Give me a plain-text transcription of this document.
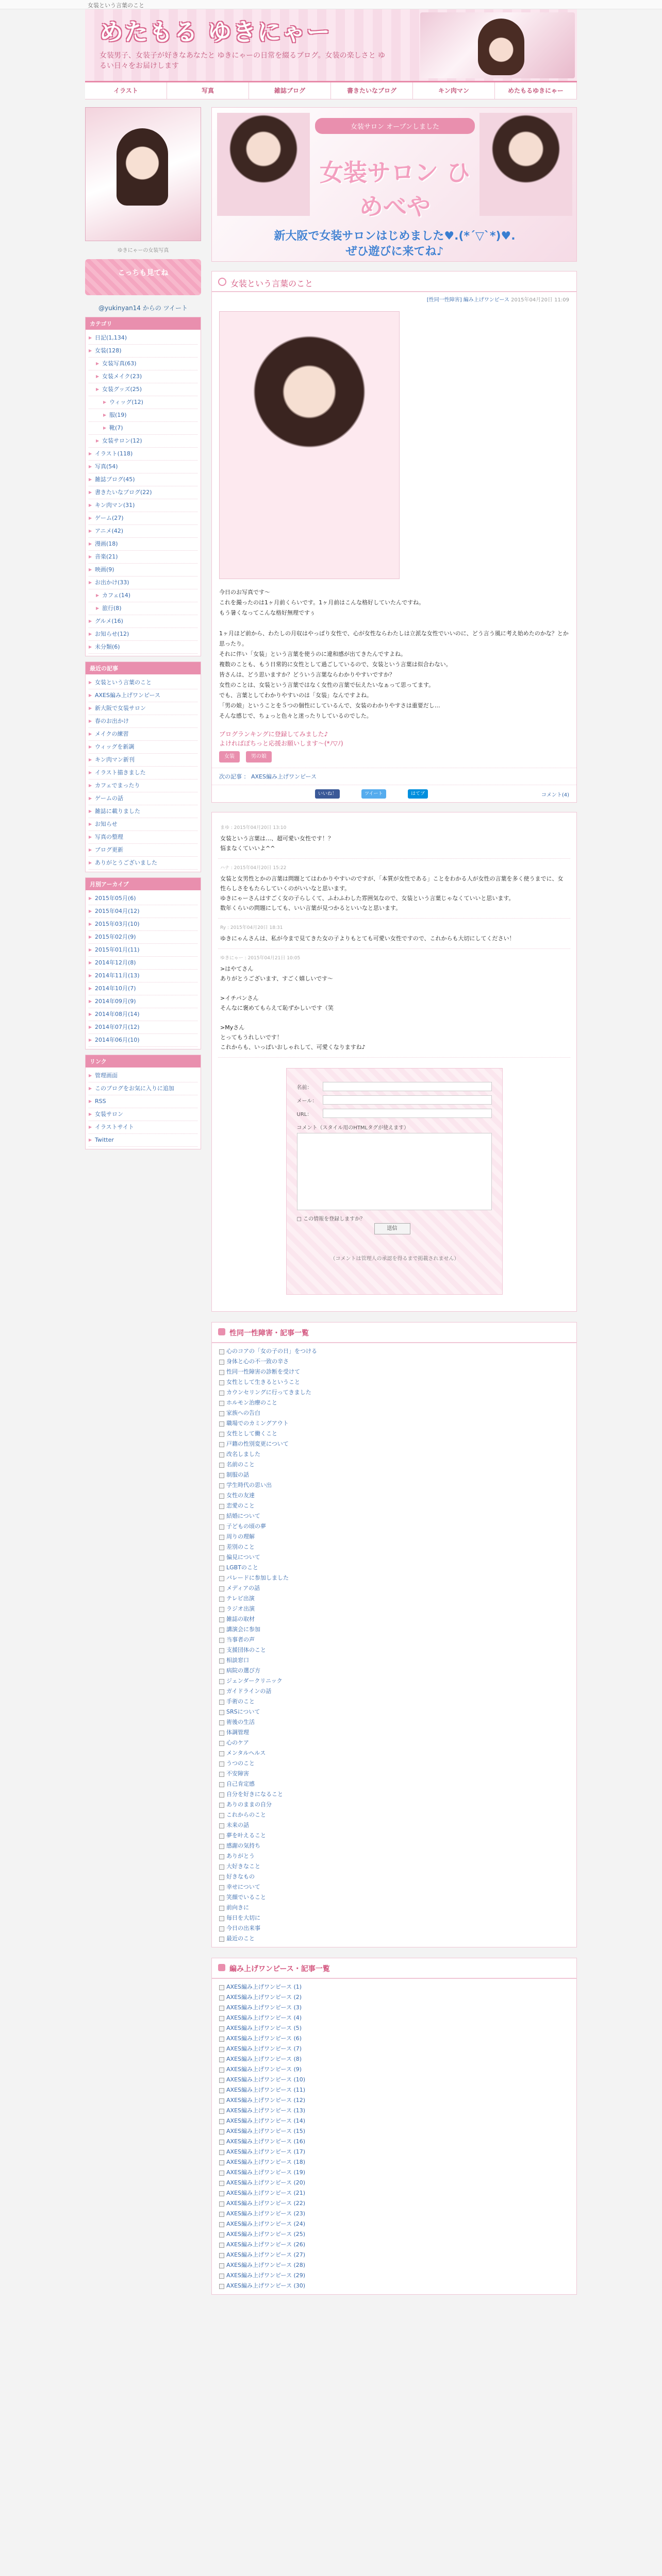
女装という言葉のこと
めたもる ゆきにゃー
女装男子、女装子が好きなあなたと ゆきにゃーの日常を綴るブログ。女装の楽しさと ゆるい日々をお届けします
イラスト	写真	雑誌ブログ	書きたいなブログ	キン肉マン	めたもるゆきにゃー
ゆきにゃーの女装写真
こっちも見てね
@yukinyan14 からの ツイート
カテゴリ
▶ 日記(1,134)
▶ 女装(128)
▶ 女装写真(63)
▶ 女装メイク(23)
▶ 女装グッズ(25)
▶ ウィッグ(12)
▶ 服(19)
▶ 靴(7)
▶ 女装サロン(12)
▶ イラスト(118)
▶ 写真(54)
▶ 雑誌ブログ(45)
▶ 書きたいなブログ(22)
▶ キン肉マン(31)
▶ ゲーム(27)
▶ アニメ(42)
▶ 漫画(18)
▶ 音楽(21)
▶ 映画(9)
▶ お出かけ(33)
▶ カフェ(14)
▶ 旅行(8)
▶ グルメ(16)
▶ お知らせ(12)
▶ 未分類(6)
最近の記事
▶ 女装という言葉のこと
▶ AXES編み上げワンピース
▶ 新大阪で女装サロン
▶ 春のお出かけ
▶ メイクの練習
▶ ウィッグを新調
▶ キン肉マン新刊
▶ イラスト描きました
▶ カフェでまったり
▶ ゲームの話
▶ 雑誌に載りました
▶ お知らせ
▶ 写真の整理
▶ ブログ更新
▶ ありがとうございました
月別アーカイブ
▶ 2015年05月(6)
▶ 2015年04月(12)
▶ 2015年03月(10)
▶ 2015年02月(9)
▶ 2015年01月(11)
▶ 2014年12月(8)
▶ 2014年11月(13)
▶ 2014年10月(7)
▶ 2014年09月(9)
▶ 2014年08月(14)
▶ 2014年07月(12)
▶ 2014年06月(10)
リンク
▶ 管理画面
▶ このブログをお気に入りに追加
▶ RSS
▶ 女装サロン
▶ イラストサイト
▶ Twitter
女装サロン オープンしました
女装サロン ひめべや
新大阪で女装サロンはじめました♥.(*´▽`*)♥.
ぜひ遊びに来てね♪
女装という言葉のこと
[性同一性障害] 編み上げワンピース 2015年04月20日 11:09
今日のお写真です〜
これを撮ったのは1ヶ月前くらいです。1ヶ月前はこんな格好していたんですね。
もう暑くなってこんな格好無理ですぅ

1ヶ月ほど前から、わたしの月収はやっぱり女性で、心が女性ならわたしは立派な女性でいいのに、どう言う風に考え始めたのかな？とか思ったり。
それに伴い「女装」という言葉を使うのに違和感が出てきたんですよね。
複数のことも、もう日常的に女性として過ごしているので、女装という言葉は似合わない。
皆さんは、どう思いますか？どういう言葉ならわかりやすいですか？
女性のことは、女装という言葉ではなく女性の言葉で伝えたいなぁって思ってます。
でも、言葉としてわかりやすいのは「女装」なんですよね。
「男の娘」ということを５つの個性にしているんで、女装のわかりやすさは重要だし…
そんな感じで、ちょっと色々と迷ったりしているのでした。
ブログランキングに登録してみました♪
よければぽちっと応援お願いします〜(*ﾉ▽ﾉ)
女装	男の娘
次の記事 ： AXES編み上げワンピース
いいね！	ツイート	はてブ	コメント(4)
まゆ : 2015年04月20日 13:10
女装という言葉は…、超可愛い女性です！？
悩まなくていいよ^^
ハナ : 2015年04月20日 15:22
女装と女男性とかの言葉は問題とてはわかりやすいのですが、「本質が女性である」ことをわかる人が女性の言葉を多く使うまでに、女性らしさをもたらしていくのがいいなと思います。
ゆきにゃーさんはすごく女の子らしくて、ふわふわした雰囲気なので、女装という言葉じゃなくていいと思います。
数年くらいの問題にしても、いい言葉が見つかるといいなと思います。
Ry : 2015年04月20日 18:31
ゆきにゃんさんは、私が今まで見てきた女の子よりもとても可愛い女性ですので、これからも大切にしてください！
ゆきにゃー : 2015年04月21日 10:05
>はやてさん
ありがとうございます、すごく嬉しいです〜

>イチパンさん
そんなに褒めてもらえて恥ずかしいです（笑

>Myさん
とってもうれしいです！
これからも、いっぱいおしゃれして、可愛くなりますね♪
名前：
メール：
URL：
コメント（スタイル用のHTMLタグが使えます）
□ この情報を登録しますか？
送信
（コメントは管理人の承認を得るまで掲載されません）
性同一性障害・記事一覧
心のコアの「女の子の日」をつける
身体と心の不一致の辛さ
性同一性障害の診断を受けて
女性として生きるということ
カウンセリングに行ってきました
ホルモン治療のこと
家族への告白
職場でのカミングアウト
女性として働くこと
戸籍の性別変更について
改名しました
名前のこと
制服の話
学生時代の思い出
女性の友達
恋愛のこと
結婚について
子どもの頃の夢
周りの理解
差別のこと
偏見について
LGBTのこと
パレードに参加しました
メディアの話
テレビ出演
ラジオ出演
雑誌の取材
講演会に参加
当事者の声
支援団体のこと
相談窓口
病院の選び方
ジェンダークリニック
ガイドラインの話
手術のこと
SRSについて
術後の生活
体調管理
心のケア
メンタルヘルス
うつのこと
不安障害
自己肯定感
自分を好きになること
ありのままの自分
これからのこと
未来の話
夢を叶えること
感謝の気持ち
ありがとう
大好きなこと
好きなもの
幸せについて
笑顔でいること
前向きに
毎日を大切に
今日の出来事
最近のこと
編み上げワンピース・記事一覧
AXES編み上げワンピース (1)
AXES編み上げワンピース (2)
AXES編み上げワンピース (3)
AXES編み上げワンピース (4)
AXES編み上げワンピース (5)
AXES編み上げワンピース (6)
AXES編み上げワンピース (7)
AXES編み上げワンピース (8)
AXES編み上げワンピース (9)
AXES編み上げワンピース (10)
AXES編み上げワンピース (11)
AXES編み上げワンピース (12)
AXES編み上げワンピース (13)
AXES編み上げワンピース (14)
AXES編み上げワンピース (15)
AXES編み上げワンピース (16)
AXES編み上げワンピース (17)
AXES編み上げワンピース (18)
AXES編み上げワンピース (19)
AXES編み上げワンピース (20)
AXES編み上げワンピース (21)
AXES編み上げワンピース (22)
AXES編み上げワンピース (23)
AXES編み上げワンピース (24)
AXES編み上げワンピース (25)
AXES編み上げワンピース (26)
AXES編み上げワンピース (27)
AXES編み上げワンピース (28)
AXES編み上げワンピース (29)
AXES編み上げワンピース (30)
